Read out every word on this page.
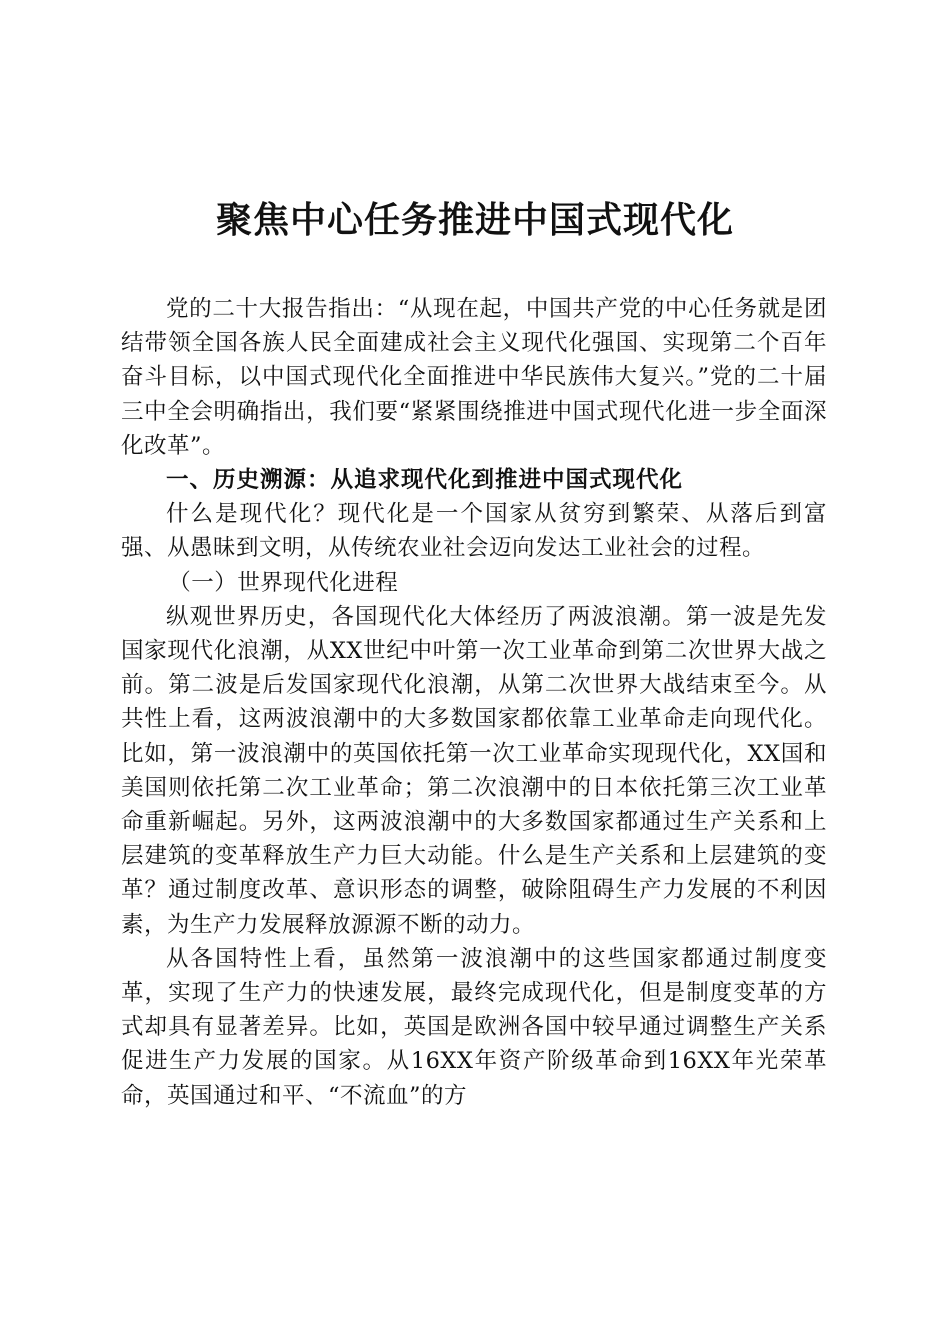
聚焦中心任务推进中国式现代化

党的二十大报告指出：“从现在起，中国共产党的中心任务就是团结带领全国各族人民全面建成社会主义现代化强国、实现第二个百年奋斗目标，以中国式现代化全面推进中华民族伟大复兴。”党的二十届三中全会明确指出，我们要“紧紧围绕推进中国式现代化进一步全面深化改革”。

一、历史溯源：从追求现代化到推进中国式现代化

什么是现代化？现代化是一个国家从贫穷到繁荣、从落后到富强、从愚昧到文明，从传统农业社会迈向发达工业社会的过程。

（一）世界现代化进程

纵观世界历史，各国现代化大体经历了两波浪潮。第一波是先发国家现代化浪潮，从XX世纪中叶第一次工业革命到第二次世界大战之前。第二波是后发国家现代化浪潮，从第二次世界大战结束至今。从共性上看，这两波浪潮中的大多数国家都依靠工业革命走向现代化。比如，第一波浪潮中的英国依托第一次工业革命实现现代化，XX国和美国则依托第二次工业革命；第二次浪潮中的日本依托第三次工业革命重新崛起。另外，这两波浪潮中的大多数国家都通过生产关系和上层建筑的变革释放生产力巨大动能。什么是生产关系和上层建筑的变革？通过制度改革、意识形态的调整，破除阻碍生产力发展的不利因素，为生产力发展释放源源不断的动力。

从各国特性上看，虽然第一波浪潮中的这些国家都通过制度变革，实现了生产力的快速发展，最终完成现代化，但是制度变革的方式却具有显著差异。比如，英国是欧洲各国中较早通过调整生产关系促进生产力发展的国家。从16XX年资产阶级革命到16XX年光荣革命，英国通过和平、“不流血”的方
